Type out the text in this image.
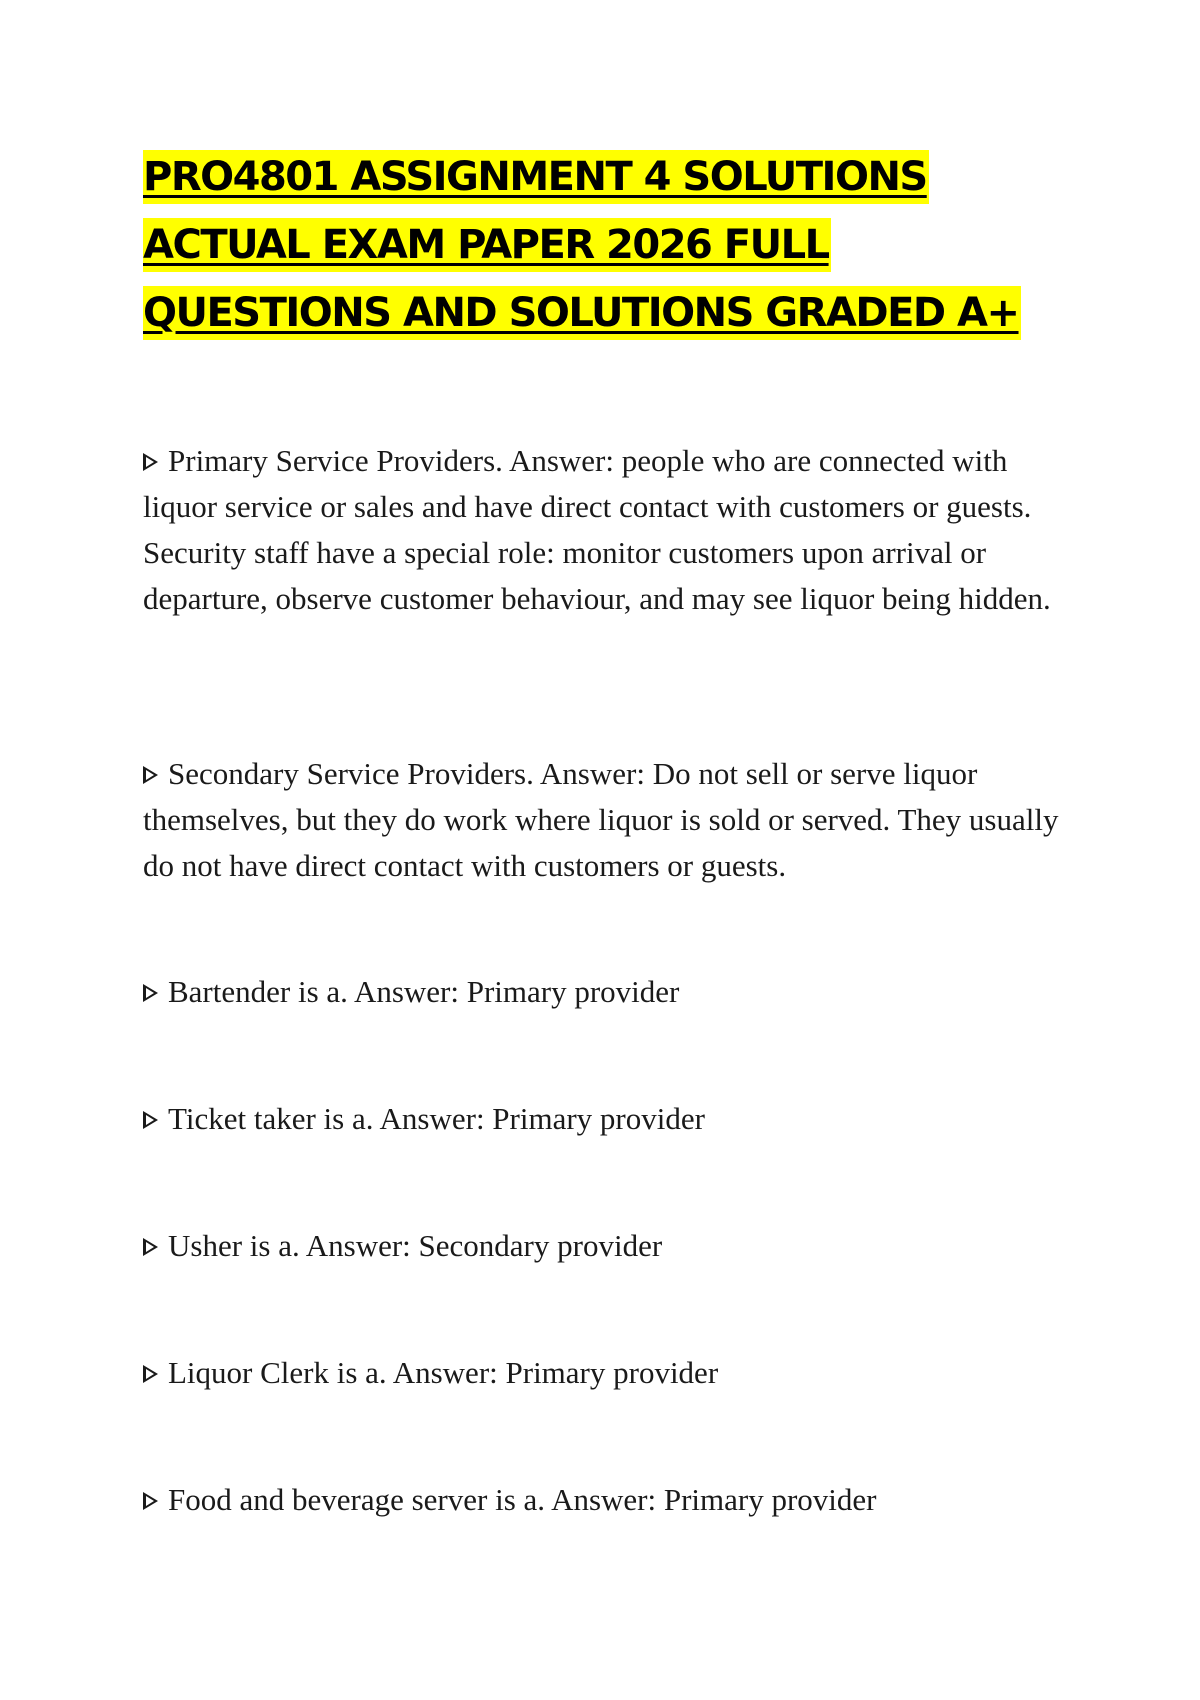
PRO4801 ASSIGNMENT 4 SOLUTIONS
ACTUAL EXAM PAPER 2026 FULL
QUESTIONS AND SOLUTIONS GRADED A+
Primary Service Providers. Answer: people who are connected with liquor service or sales and have direct contact with customers or guests. Security staff have a special role: monitor customers upon arrival or departure, observe customer behaviour, and may see liquor being hidden.
Secondary Service Providers. Answer: Do not sell or serve liquor themselves, but they do work where liquor is sold or served. They usually do not have direct contact with customers or guests.
Bartender is a. Answer: Primary provider
Ticket taker is a. Answer: Primary provider
Usher is a. Answer: Secondary provider
Liquor Clerk is a. Answer: Primary provider
Food and beverage server is a. Answer: Primary provider
